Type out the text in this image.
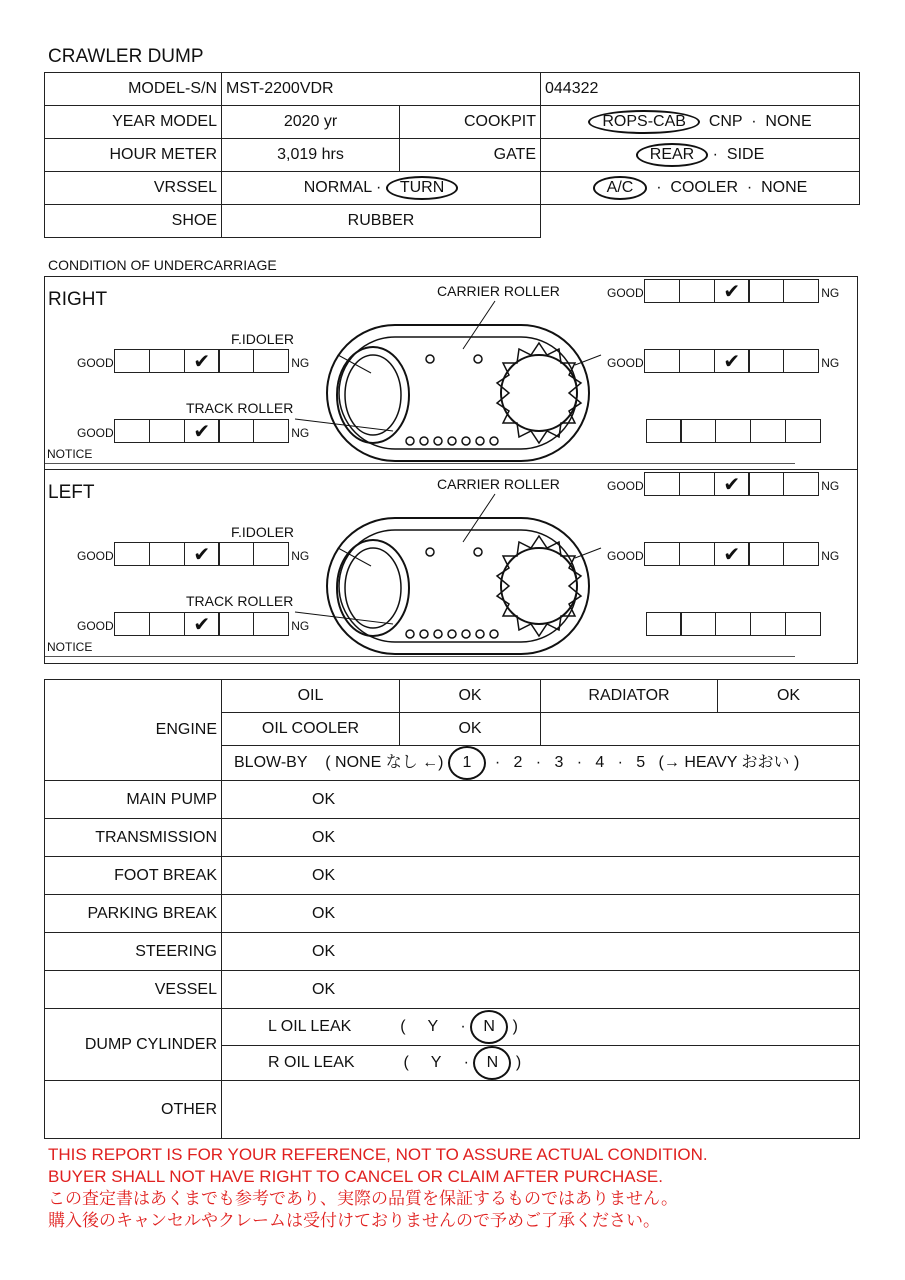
CRAWLER DUMP
MODEL-S/N	MST-2200VDR		044322
YEAR MODEL	2020 yr	COOKPIT	ROPS-CAB CNP · NONE
HOUR METER	3,019 hrs	GATE	REAR · SIDE
VRSSEL	NORMAL · TURN		A/C · COOLER · NONE
SHOE	RUBBER		
CONDITION OF UNDERCARRIAGE
RIGHT	CARRIER ROLLER
F.IDOLER
TRACK ROLLER
NOTICE
GOOD	✔	NG
GOOD	✔	NG	GOOD	✔	NG
GOOD	✔	NG
LEFT	CARRIER ROLLER
F.IDOLER
TRACK ROLLER
NOTICE
GOOD	✔	NG
GOOD	✔	NG	GOOD	✔	NG
GOOD	✔	NG
ENGINE	OIL	OK	RADIATOR	OK
	OIL COOLER	OK		
	BLOW-BY ( NONE なし ←) 1 · 2 · 3 · 4 · 5 (→ HEAVY おおい )			
MAIN PUMP	OK			
TRANSMISSION	OK			
FOOT BREAK	OK			
PARKING BREAK	OK			
STEERING	OK			
VESSEL	OK			
DUMP CYLINDER	L OIL LEAK ( Y · N )			
	R OIL LEAK ( Y · N )			
OTHER				
THIS REPORT IS FOR YOUR REFERENCE, NOT TO ASSURE ACTUAL CONDITION.
BUYER SHALL NOT HAVE RIGHT TO CANCEL OR CLAIM AFTER PURCHASE.
この査定書はあくまでも参考であり、実際の品質を保証するものではありません。
購入後のキャンセルやクレームは受付けておりませんので予めご了承ください。
